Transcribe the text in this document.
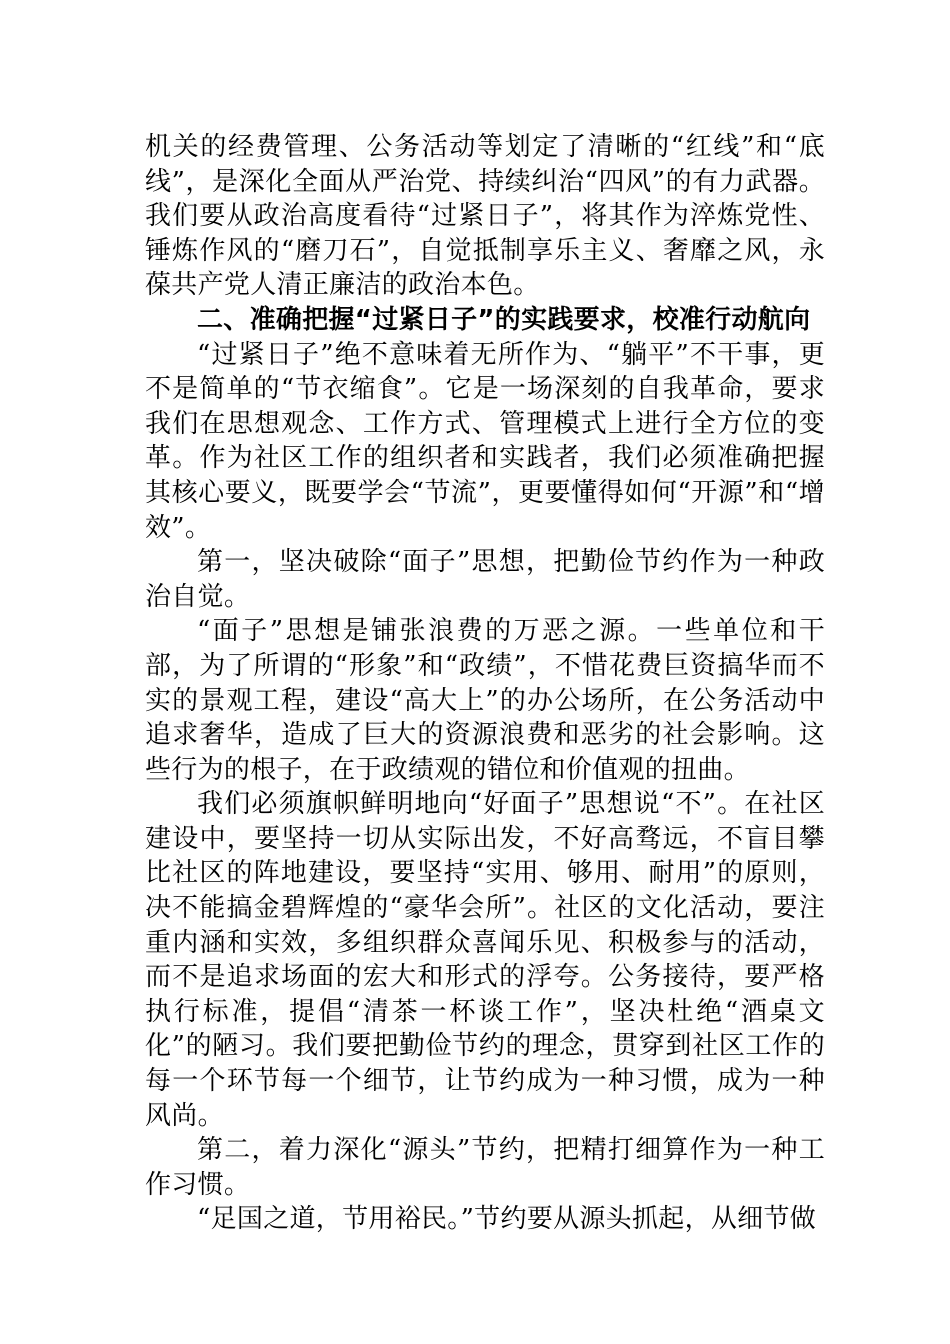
机关的经费管理、公务活动等划定了清晰的“红线”和“底线”，是深化全面从严治党、持续纠治“四风”的有力武器。我们要从政治高度看待“过紧日子”，将其作为淬炼党性、锤炼作风的“磨刀石”，自觉抵制享乐主义、奢靡之风，永葆共产党人清正廉洁的政治本色。

二、准确把握“过紧日子”的实践要求，校准行动航向

“过紧日子”绝不意味着无所作为、“躺平”不干事，更不是简单的“节衣缩食”。它是一场深刻的自我革命，要求我们在思想观念、工作方式、管理模式上进行全方位的变革。作为社区工作的组织者和实践者，我们必须准确把握其核心要义，既要学会“节流”，更要懂得如何“开源”和“增效”。

第一，坚决破除“面子”思想，把勤俭节约作为一种政治自觉。

“面子”思想是铺张浪费的万恶之源。一些单位和干部，为了所谓的“形象”和“政绩”，不惜花费巨资搞华而不实的景观工程，建设“高大上”的办公场所，在公务活动中追求奢华，造成了巨大的资源浪费和恶劣的社会影响。这些行为的根子，在于政绩观的错位和价值观的扭曲。

我们必须旗帜鲜明地向“好面子”思想说“不”。在社区建设中，要坚持一切从实际出发，不好高骛远，不盲目攀比社区的阵地建设，要坚持“实用、够用、耐用”的原则，决不能搞金碧辉煌的“豪华会所”。社区的文化活动，要注重内涵和实效，多组织群众喜闻乐见、积极参与的活动，而不是追求场面的宏大和形式的浮夸。公务接待，要严格执行标准，提倡“清茶一杯谈工作”，坚决杜绝“酒桌文化”的陋习。我们要把勤俭节约的理念，贯穿到社区工作的每一个环节每一个细节，让节约成为一种习惯，成为一种风尚。

第二，着力深化“源头”节约，把精打细算作为一种工作习惯。

“足国之道，节用裕民。”节约要从源头抓起，从细节做
